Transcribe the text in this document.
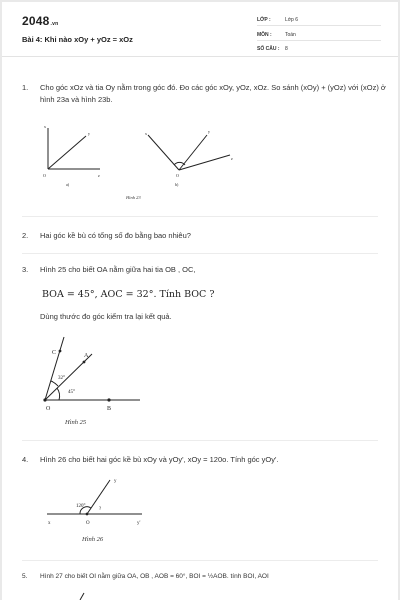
2048.vn
Bài 4: Khi nào xOy + yOz = xOz
LỚP :	Lớp 6
MÔN :	Toán
SỐ CÂU : 8
1. Cho góc xOz và tia Oy nằm trong góc đó. Đo các góc xOy, yOz, xOz. So sánh (xOy) + (yOz) với (xOz) ở hình 23a và hình 23b.
x
y
O	z
a)
x	y
z
O
b)
C	A
32°
45°
O	B
y
120°
?
x	O	y'
Hình 23
2. Hai góc kề bù có tổng số đo bằng bao nhiêu?
3. Hình 25 cho biết OA nằm giữa hai tia OB , OC,
BOA = 45°, AOC = 32°. Tính BOC ?
Dùng thước đo góc kiểm tra lại kết quả.
Hình 25
4. Hình 26 cho biết hai góc kề bù xOy và yOy', xOy = 120o. Tính góc yOy'.
Hình 26
5. Hình 27 cho biết OI nằm giữa OA, OB , AOB = 60°, BOI = ½AOB. tính BOI, AOI
